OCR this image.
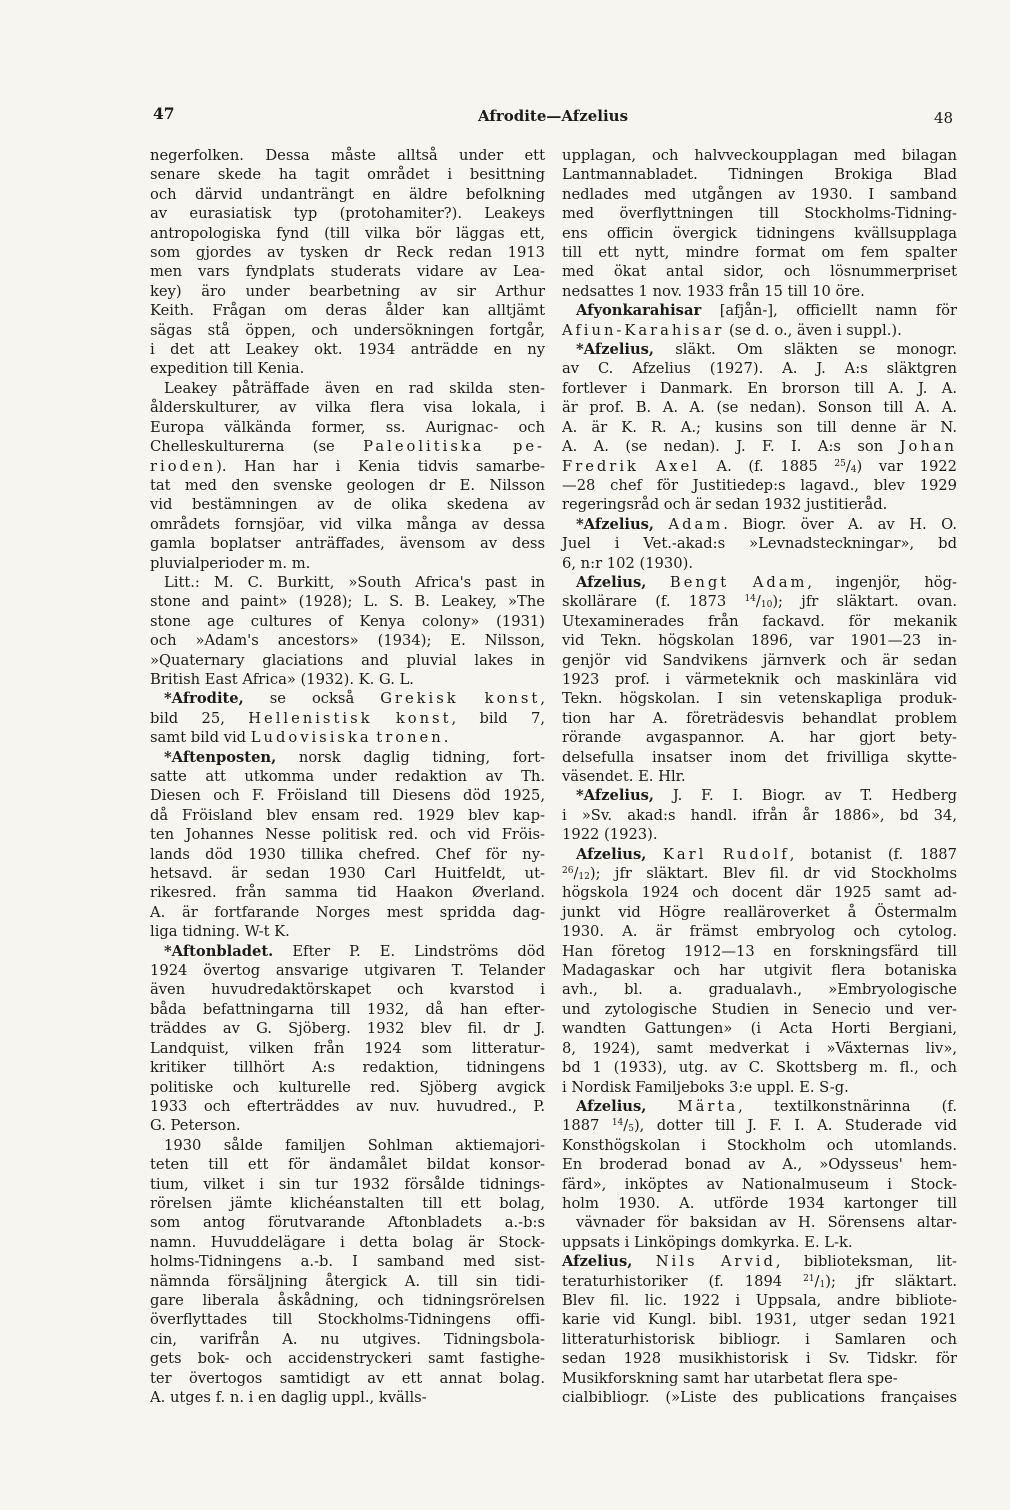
47	Afrodite—Afzelius	48
negerfolken. Dessa måste alltså under ett
senare skede ha tagit området i besittning
och därvid undanträngt en äldre befolkning
av eurasiatisk typ (protohamiter?). Leakeys
antropologiska fynd (till vilka bör läggas ett,
som gjordes av tysken dr Reck redan 1913
men vars fyndplats studerats vidare av Lea-
key) äro under bearbetning av sir Arthur
Keith. Frågan om deras ålder kan alltjämt
sägas stå öppen, och undersökningen fortgår,
i det att Leakey okt. 1934 anträdde en ny
expedition till Kenia.
Leakey påträffade även en rad skilda sten-
ålderskulturer, av vilka flera visa lokala, i
Europa välkända former, ss. Aurignac- och
Chelleskulturerna (se Paleolitiska pe-
rioden). Han har i Kenia tidvis samarbe-
tat med den svenske geologen dr E. Nilsson
vid bestämningen av de olika skedena av
områdets fornsjöar, vid vilka många av dessa
gamla boplatser anträffades, ävensom av dess
pluvialperioder m. m.
Litt.: M. C. Burkitt, »South Africa's past in
stone and paint» (1928); L. S. B. Leakey, »The
stone age cultures of Kenya colony» (1931)
och »Adam's ancestors» (1934); E. Nilsson,
»Quaternary glaciations and pluvial lakes in
British East Africa» (1932). K. G. L.
*Afrodite, se också Grekisk konst,
bild 25, Hellenistisk konst, bild 7,
samt bild vid Ludovisiska tronen.
*Aftenposten, norsk daglig tidning, fort-
satte att utkomma under redaktion av Th.
Diesen och F. Fröisland till Diesens död 1925,
då Fröisland blev ensam red. 1929 blev kap-
ten Johannes Nesse politisk red. och vid Fröis-
lands död 1930 tillika chefred. Chef för ny-
hetsavd. är sedan 1930 Carl Huitfeldt, ut-
rikesred. från samma tid Haakon Øverland.
A. är fortfarande Norges mest spridda dag-
liga tidning. W-t K.
*Aftonbladet. Efter P. E. Lindströms död
1924 övertog ansvarige utgivaren T. Telander
även huvudredaktörskapet och kvarstod i
båda befattningarna till 1932, då han efter-
träddes av G. Sjöberg. 1932 blev fil. dr J.
Landquist, vilken från 1924 som litteratur-
kritiker tillhört A:s redaktion, tidningens
politiske och kulturelle red. Sjöberg avgick
1933 och efterträddes av nuv. huvudred., P.
G. Peterson.
1930 sålde familjen Sohlman aktiemajori-
teten till ett för ändamålet bildat konsor-
tium, vilket i sin tur 1932 försålde tidnings-
rörelsen jämte klichéanstalten till ett bolag,
som antog förutvarande Aftonbladets a.-b:s
namn. Huvuddelägare i detta bolag är Stock-
holms-Tidningens a.-b. I samband med sist-
nämnda försäljning återgick A. till sin tidi-
gare liberala åskådning, och tidningsrörelsen
överflyttades till Stockholms-Tidningens offi-
cin, varifrån A. nu utgives. Tidningsbola-
gets bok- och accidenstryckeri samt fastighe-
ter övertogos samtidigt av ett annat bolag.
A. utges f. n. i en daglig uppl., kvälls-
upplagan, och halvveckoupplagan med bilagan
Lantmannabladet. Tidningen Brokiga Blad
nedlades med utgången av 1930. I samband
med överflyttningen till Stockholms-Tidning-
ens officin övergick tidningens kvällsupplaga
till ett nytt, mindre format om fem spalter
med ökat antal sidor, och lösnummerpriset
nedsattes 1 nov. 1933 från 15 till 10 öre.
Afyonkarahisar [afjån-], officiellt namn för
Afiun-Karahisar (se d. o., även i suppl.).
*Afzelius, släkt. Om släkten se monogr.
av C. Afzelius (1927). A. J. A:s släktgren
fortlever i Danmark. En brorson till A. J. A.
är prof. B. A. A. (se nedan). Sonson till A. A.
A. är K. R. A.; kusins son till denne är N.
A. A. (se nedan). J. F. I. A:s son Johan
Fredrik Axel A. (f. 1885 $^{25}/_4$) var 1922
—28 chef för Justitiedep:s lagavd., blev 1929
regeringsråd och är sedan 1932 justitieråd.
*Afzelius, Adam. Biogr. över A. av H. O.
Juel i Vet.-akad:s »Levnadsteckningar», bd
6, n:r 102 (1930).
Afzelius, Bengt Adam, ingenjör, hög-
skollärare (f. 1873 $^{14}/_{10}$); jfr släktart. ovan.
Utexaminerades från fackavd. för mekanik
vid Tekn. högskolan 1896, var 1901—23 in-
genjör vid Sandvikens järnverk och är sedan
1923 prof. i värmeteknik och maskinlära vid
Tekn. högskolan. I sin vetenskapliga produk-
tion har A. företrädesvis behandlat problem
rörande avgaspannor. A. har gjort bety-
delsefulla insatser inom det frivilliga skytte-
väsendet. E. Hlr.
*Afzelius, J. F. I. Biogr. av T. Hedberg
i »Sv. akad:s handl. ifrån år 1886», bd 34,
1922 (1923).
Afzelius, Karl Rudolf, botanist (f. 1887
$^{26}/_{12}$); jfr släktart. Blev fil. dr vid Stockholms
högskola 1924 och docent där 1925 samt ad-
junkt vid Högre realläroverket å Östermalm
1930. A. är främst embryolog och cytolog.
Han företog 1912—13 en forskningsfärd till
Madagaskar och har utgivit flera botaniska
avh., bl. a. gradualavh., »Embryologische
und zytologische Studien in Senecio und ver-
wandten Gattungen» (i Acta Horti Bergiani,
8, 1924), samt medverkat i »Växternas liv»,
bd 1 (1933), utg. av C. Skottsberg m. fl., och
i Nordisk Familjeboks 3:e uppl. E. S-g.
Afzelius, Märta, textilkonstnärinna (f.
1887 $^{14}/_5$), dotter till J. F. I. A. Studerade vid
Konsthögskolan i Stockholm och utomlands.
En broderad bonad av A., »Odysseus' hem-
färd», inköptes av Nationalmuseum i Stock-
holm 1930. A. utförde 1934 kartonger till
vävnader för baksidan av H. Sörensens altar-
uppsats i Linköpings domkyrka. E. L-k.
Afzelius, Nils Arvid, biblioteksman, lit-
teraturhistoriker (f. 1894 $^{21}/_1$); jfr släktart.
Blev fil. lic. 1922 i Uppsala, andre bibliote-
karie vid Kungl. bibl. 1931, utger sedan 1921
litteraturhistorisk bibliogr. i Samlaren och
sedan 1928 musikhistorisk i Sv. Tidskr. för
Musikforskning samt har utarbetat flera spe-
cialbibliogr. (»Liste des publications françaises
